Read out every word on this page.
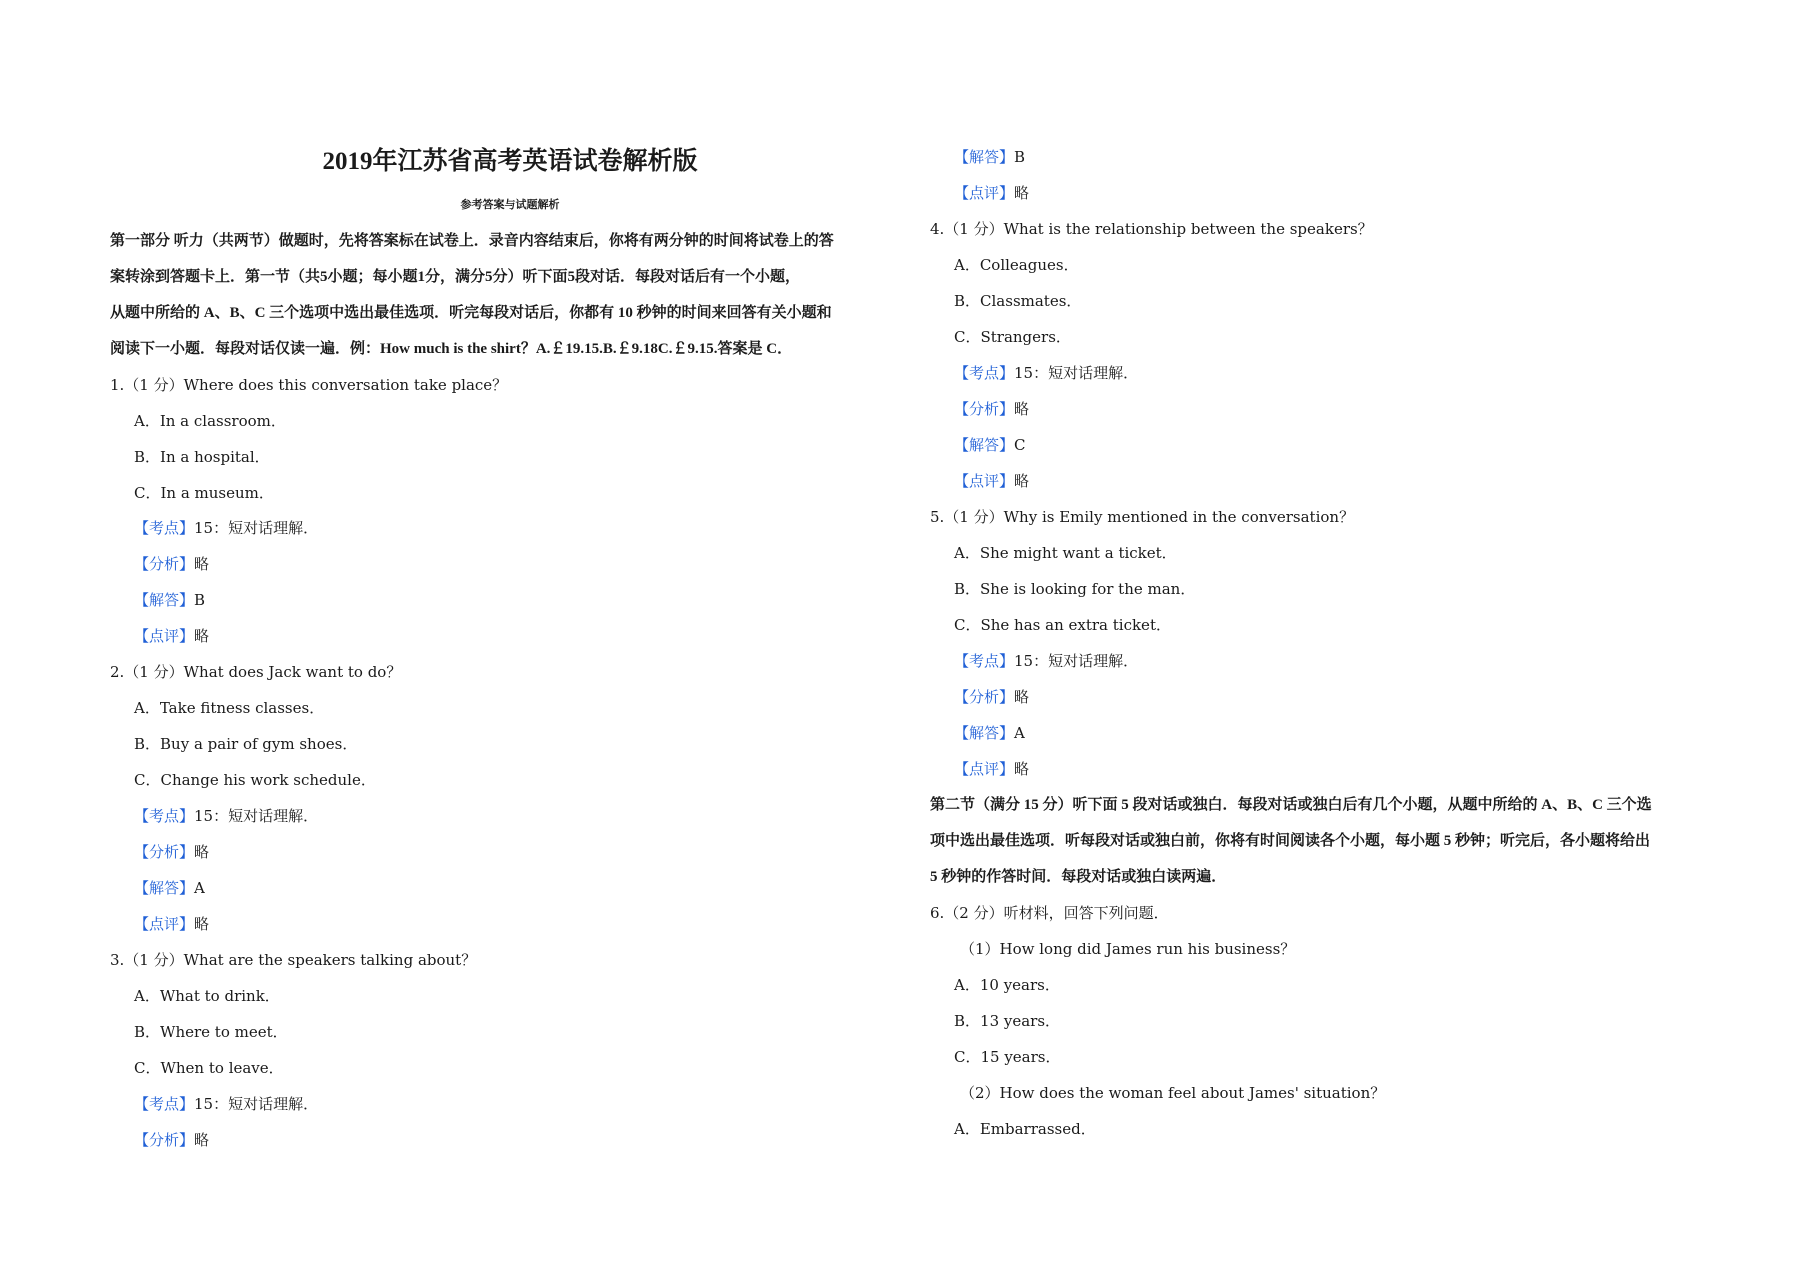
2019年江苏省高考英语试卷解析版
参考答案与试题解析
第一部分 听力（共两节）做题时，先将答案标在试卷上．录音内容结束后，你将有两分钟的时间将试卷上的答
案转涂到答题卡上．第一节（共5小题；每小题1分，满分5分）听下面5段对话．每段对话后有一个小题，
从题中所给的 A、B、C 三个选项中选出最佳选项．听完每段对话后，你都有 10 秒钟的时间来回答有关小题和
阅读下一小题．每段对话仅读一遍．例：How much is the shirt？A.￡19.15.B.￡9.18C.￡9.15.答案是 C．
1.（1 分）Where does this conversation take place？
A．In a classroom．
B．In a hospital．
C．In a museum．
【考点】15：短对话理解．
【分析】略
【解答】B
【点评】略
2.（1 分）What does Jack want to do？
A．Take fitness classes．
B．Buy a pair of gym shoes．
C．Change his work schedule．
【考点】15：短对话理解．
【分析】略
【解答】A
【点评】略
3.（1 分）What are the speakers talking about？
A．What to drink．
B．Where to meet．
C．When to leave．
【考点】15：短对话理解．
【分析】略
【解答】B
【点评】略
4.（1 分）What is the relationship between the speakers？
A．Colleagues．
B．Classmates．
C．Strangers．
【考点】15：短对话理解．
【分析】略
【解答】C
【点评】略
5.（1 分）Why is Emily mentioned in the conversation？
A．She might want a ticket．
B．She is looking for the man．
C．She has an extra ticket．
【考点】15：短对话理解．
【分析】略
【解答】A
【点评】略
第二节（满分 15 分）听下面 5 段对话或独白．每段对话或独白后有几个小题，从题中所给的 A、B、C 三个选
项中选出最佳选项．听每段对话或独白前，你将有时间阅读各个小题，每小题 5 秒钟；听完后，各小题将给出
5 秒钟的作答时间．每段对话或独白读两遍．
6.（2 分）听材料，回答下列问题．
（1）How long did James run his business？
A．10 years．
B．13 years．
C．15 years．
（2）How does the woman feel about James' situation？
A．Embarrassed．
